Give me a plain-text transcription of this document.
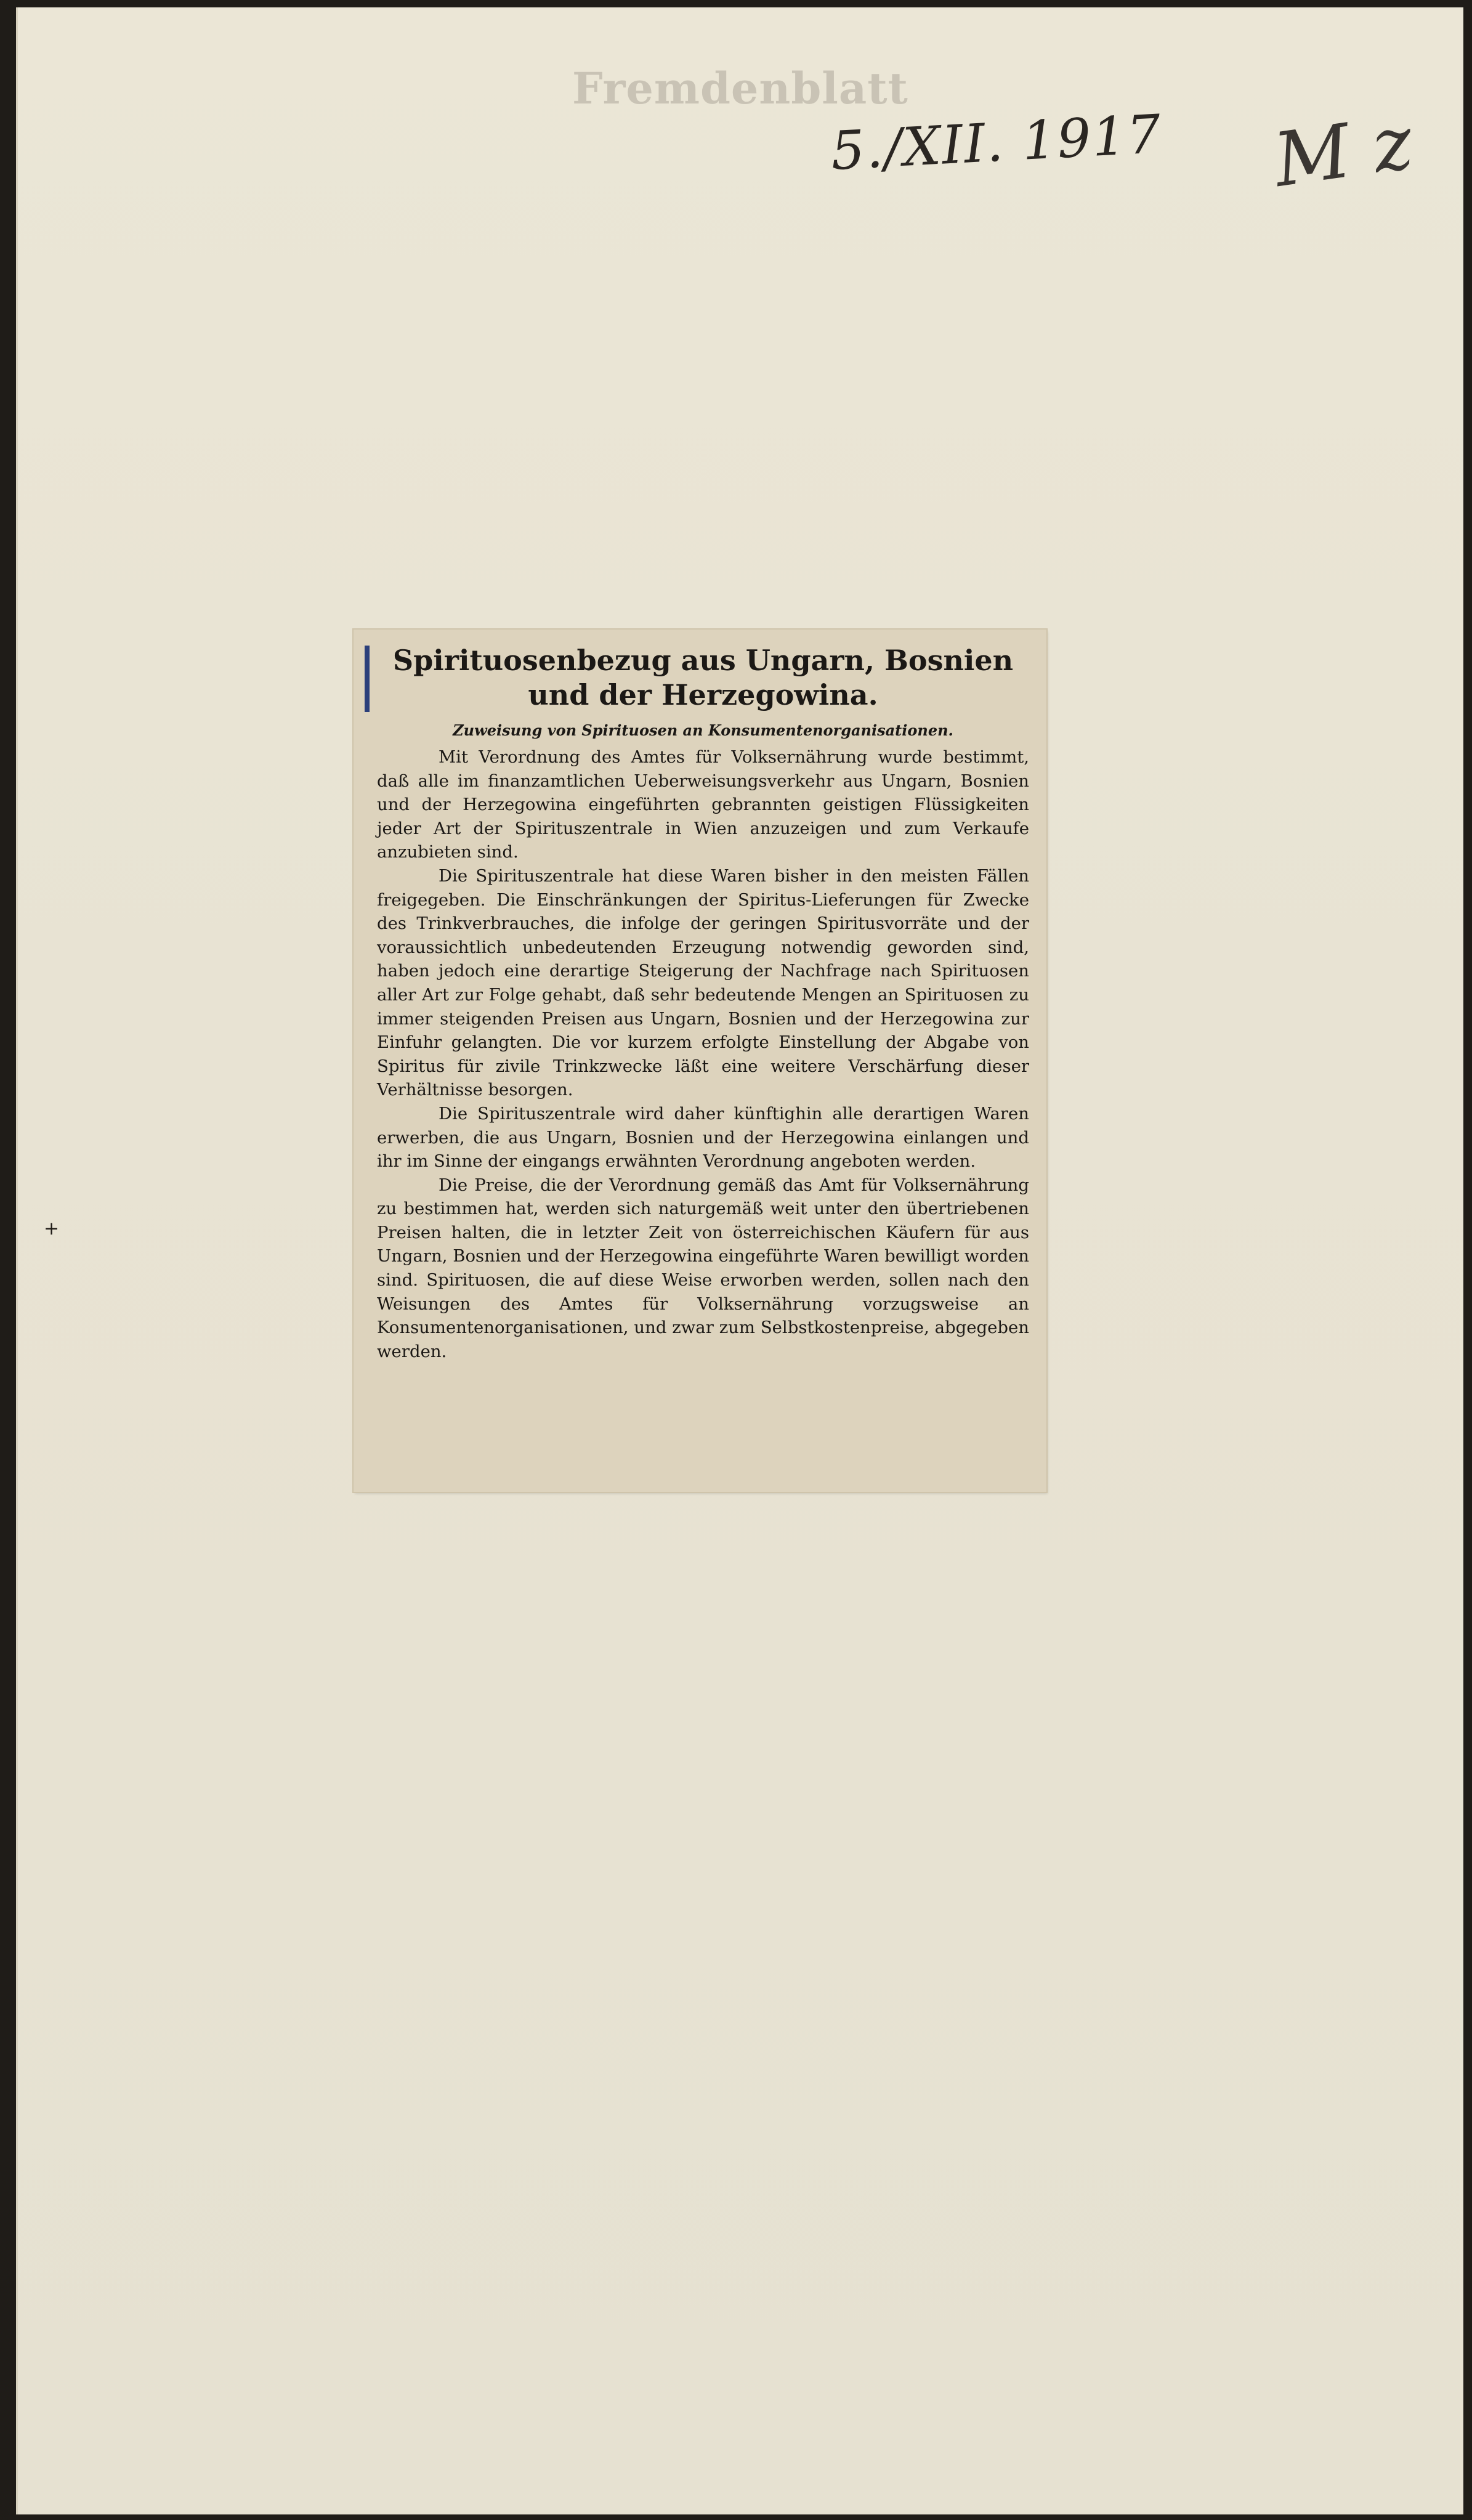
Fremdenblatt
5./XII. 1917 M z
+
Spirituosenbezug aus Ungarn, Bosnien und der Herzegowina.
Zuweisung von Spirituosen an Konsumentenorganisationen.

Mit Verordnung des Amtes für Volksernährung wurde bestimmt, daß alle im finanzamtlichen Ueberweisungsverkehr aus Ungarn, Bosnien und der Herzegowina eingeführten gebrannten geistigen Flüssigkeiten jeder Art der Spirituszentrale in Wien anzuzeigen und zum Verkaufe anzubieten sind.

Die Spirituszentrale hat diese Waren bisher in den meisten Fällen freigegeben. Die Einschränkungen der Spiritus-Lieferungen für Zwecke des Trinkverbrauches, die infolge der geringen Spiritusvorräte und der voraussichtlich unbedeutenden Erzeugung notwendig geworden sind, haben jedoch eine derartige Steigerung der Nachfrage nach Spirituosen aller Art zur Folge gehabt, daß sehr bedeutende Mengen an Spirituosen zu immer steigenden Preisen aus Ungarn, Bosnien und der Herzegowina zur Einfuhr gelangten. Die vor kurzem erfolgte Einstellung der Abgabe von Spiritus für zivile Trinkzwecke läßt eine weitere Verschärfung dieser Verhältnisse besorgen.

Die Spirituszentrale wird daher künftighin alle derartigen Waren erwerben, die aus Ungarn, Bosnien und der Herzegowina einlangen und ihr im Sinne der eingangs erwähnten Verordnung angeboten werden.

Die Preise, die der Verordnung gemäß das Amt für Volksernährung zu bestimmen hat, werden sich naturgemäß weit unter den übertriebenen Preisen halten, die in letzter Zeit von österreichischen Käufern für aus Ungarn, Bosnien und der Herzegowina eingeführte Waren bewilligt worden sind. Spirituosen, die auf diese Weise erworben werden, sollen nach den Weisungen des Amtes für Volksernährung vorzugsweise an Konsumentenorganisationen, und zwar zum Selbstkostenpreise, abgegeben werden.
